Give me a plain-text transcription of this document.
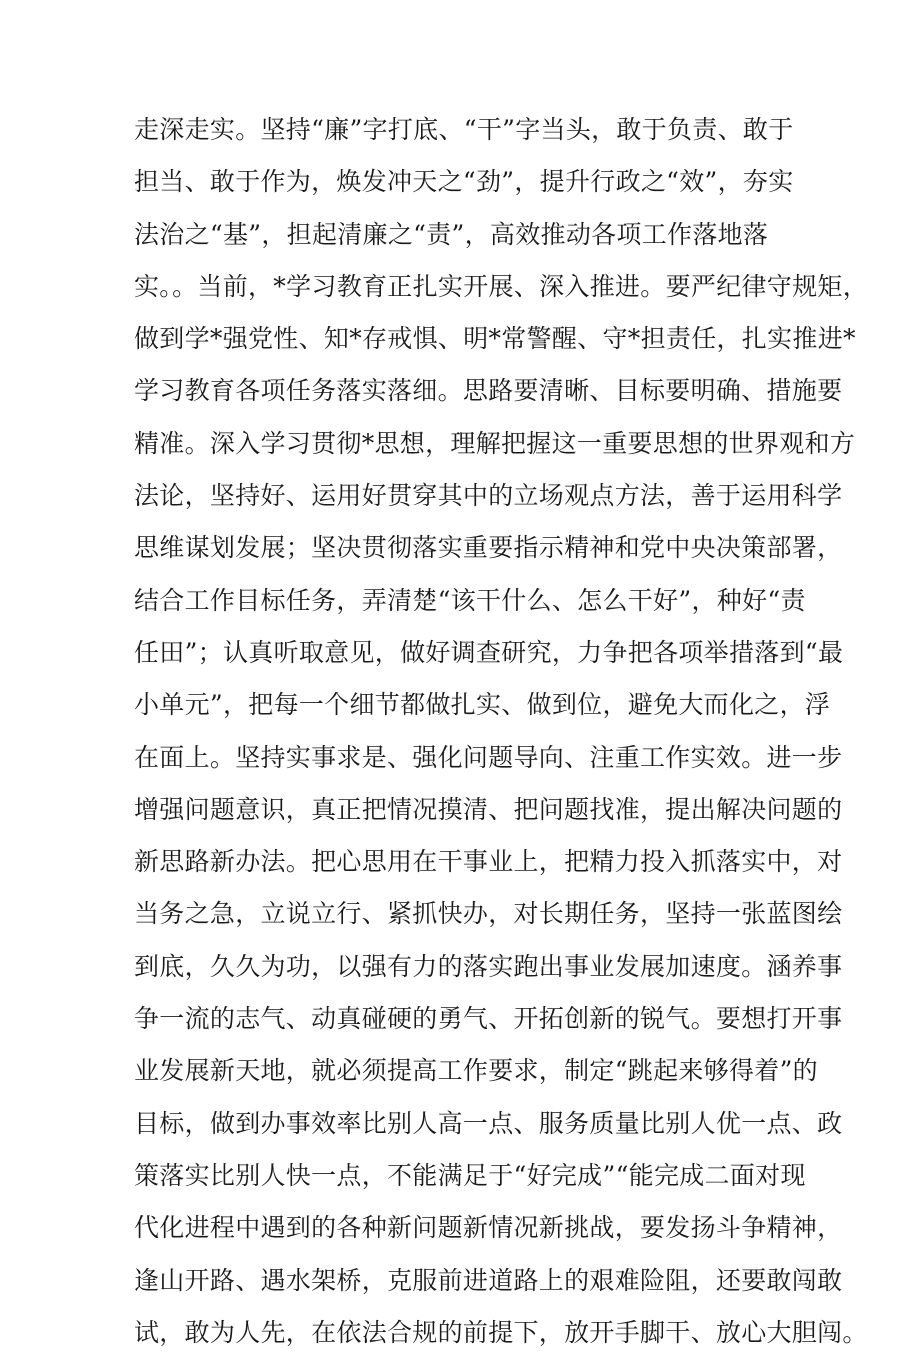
走深走实。坚持“廉”字打底、“干”字当头，敢于负责、敢于
担当、敢于作为，焕发冲天之“劲”，提升行政之“效”，夯实
法治之“基”，担起清廉之“责”，高效推动各项工作落地落
实。。当前，*学习教育正扎实开展、深入推进。要严纪律守规矩，
做到学*强党性、知*存戒惧、明*常警醒、守*担责任，扎实推进*
学习教育各项任务落实落细。思路要清晰、目标要明确、措施要
精准。深入学习贯彻*思想，理解把握这一重要思想的世界观和方
法论，坚持好、运用好贯穿其中的立场观点方法，善于运用科学
思维谋划发展；坚决贯彻落实重要指示精神和党中央决策部署，
结合工作目标任务，弄清楚“该干什么、怎么干好”，种好“责
任田”；认真听取意见，做好调查研究，力争把各项举措落到“最
小单元”，把每一个细节都做扎实、做到位，避免大而化之，浮
在面上。坚持实事求是、强化问题导向、注重工作实效。进一步
增强问题意识，真正把情况摸清、把问题找准，提出解决问题的
新思路新办法。把心思用在干事业上，把精力投入抓落实中，对
当务之急，立说立行、紧抓快办，对长期任务，坚持一张蓝图绘
到底，久久为功，以强有力的落实跑出事业发展加速度。涵养事
争一流的志气、动真碰硬的勇气、开拓创新的锐气。要想打开事
业发展新天地，就必须提高工作要求，制定“跳起来够得着”的
目标，做到办事效率比别人高一点、服务质量比别人优一点、政
策落实比别人快一点，不能满足于“好完成”“能完成二面对现
代化进程中遇到的各种新问题新情况新挑战，要发扬斗争精神，
逢山开路、遇水架桥，克服前进道路上的艰难险阻，还要敢闯敢
试，敢为人先，在依法合规的前提下，放开手脚干、放心大胆闯。
